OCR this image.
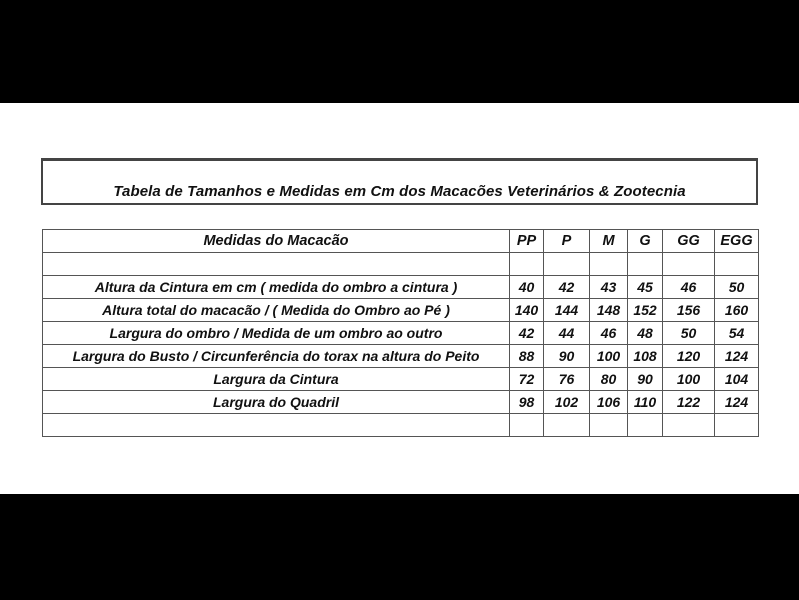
Tabela de Tamanhos e Medidas em Cm dos Macacões Veterinários & Zootecnia
Medidas do Macacão	PP	P	M	G	GG	EGG

Altura da Cintura em cm ( medida do ombro a cintura )	40	42	43	45	46	50
Altura total do macacão / ( Medida do Ombro ao Pé )	140	144	148	152	156	160
Largura do ombro / Medida de um ombro ao outro	42	44	46	48	50	54
Largura do Busto / Circunferência do torax na altura do Peito	88	90	100	108	120	124
Largura da Cintura	72	76	80	90	100	104
Largura do Quadril	98	102	106	110	122	124
